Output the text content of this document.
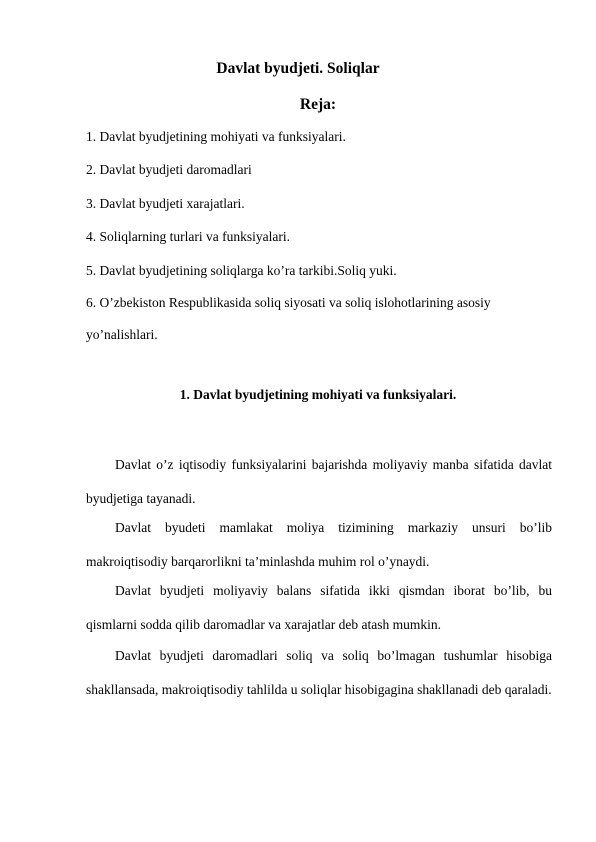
Davlat byudjeti. Soliqlar
Reja:
1. Davlat byudjetining mohiyati va funksiyalari.
2. Davlat byudjeti daromadlari
3. Davlat byudjeti xarajatlari.
4. Soliqlarning turlari va funksiyalari.
5. Davlat byudjetining soliqlarga ko’ra tarkibi.Soliq yuki.
6. O’zbekiston Respublikasida soliq siyosati va soliq islohotlarining asosiy
yo’nalishlari.
1. Davlat byudjetining mohiyati va funksiyalari.
Davlat o’z iqtisodiy funksiyalarini bajarishda moliyaviy manba sifatida davlat byudjetiga tayanadi.
Davlat byudeti mamlakat moliya tizimining markaziy unsuri bo’lib makroiqtisodiy barqarorlikni ta’minlashda muhim rol o’ynaydi.
Davlat byudjeti moliyaviy balans sifatida ikki qismdan iborat bo’lib, bu qismlarni sodda qilib daromadlar va xarajatlar deb atash mumkin.
Davlat byudjeti daromadlari soliq va soliq bo’lmagan tushumlar hisobiga shakllansada, makroiqtisodiy tahlilda u soliqlar hisobigagina shakllanadi deb qaraladi.
